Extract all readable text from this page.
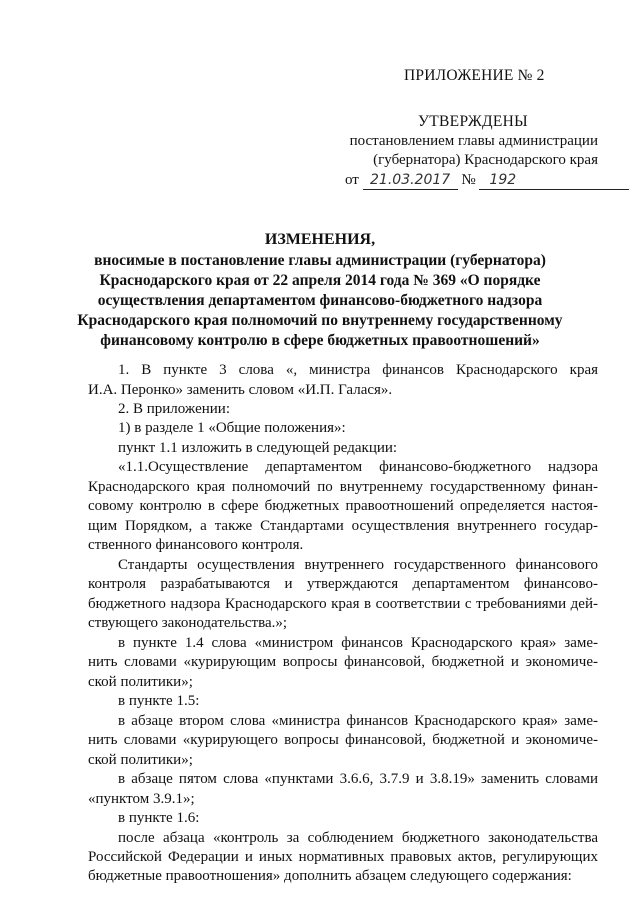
ПРИЛОЖЕНИЕ № 2
УТВЕРЖДЕНЫ
постановлением главы администрации
(губернатора) Краснодарского края
от 21.03.2017 № 192
ИЗМЕНЕНИЯ,
вносимые в постановление главы администрации (губернатора)
Краснодарского края от 22 апреля 2014 года № 369 «О порядке
осуществления департаментом финансово-бюджетного надзора
Краснодарского края полномочий по внутреннему государственному
финансовому контролю в сфере бюджетных правоотношений»
1. В пункте 3 слова «, министра финансов Краснодарского края
И.А. Перонко» заменить словом «И.П. Галася».
2. В приложении:
1) в разделе 1 «Общие положения»:
пункт 1.1 изложить в следующей редакции:
«1.1.Осуществление департаментом финансово-бюджетного надзора
Краснодарского края полномочий по внутреннему государственному финан-
совому контролю в сфере бюджетных правоотношений определяется настоя-
щим Порядком, а также Стандартами осуществления внутреннего государ-
ственного финансового контроля.
Стандарты осуществления внутреннего государственного финансового
контроля разрабатываются и утверждаются департаментом финансово-
бюджетного надзора Краснодарского края в соответствии с требованиями дей-
ствующего законодательства.»;
в пункте 1.4 слова «министром финансов Краснодарского края» заме-
нить словами «курирующим вопросы финансовой, бюджетной и экономиче-
ской политики»;
в пункте 1.5:
в абзаце втором слова «министра финансов Краснодарского края» заме-
нить словами «курирующего вопросы финансовой, бюджетной и экономиче-
ской политики»;
в абзаце пятом слова «пунктами 3.6.6, 3.7.9 и 3.8.19» заменить словами
«пунктом 3.9.1»;
в пункте 1.6:
после абзаца «контроль за соблюдением бюджетного законодательства
Российской Федерации и иных нормативных правовых актов, регулирующих
бюджетные правоотношения» дополнить абзацем следующего содержания:
